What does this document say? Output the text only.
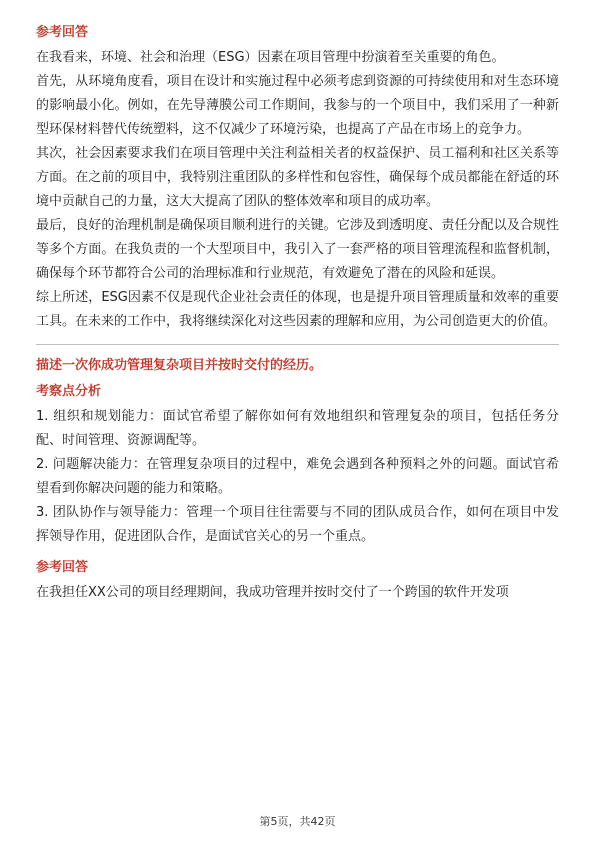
参考回答

在我看来，环境、社会和治理（ESG）因素在项目管理中扮演着至关重要的角色。

首先，从环境角度看，项目在设计和实施过程中必须考虑到资源的可持续使用和对生态环境的影响最小化。例如，在先导薄膜公司工作期间，我参与的一个项目中，我们采用了一种新型环保材料替代传统塑料，这不仅减少了环境污染，也提高了产品在市场上的竞争力。

其次，社会因素要求我们在项目管理中关注利益相关者的权益保护、员工福利和社区关系等方面。在之前的项目中，我特别注重团队的多样性和包容性，确保每个成员都能在舒适的环境中贡献自己的力量，这大大提高了团队的整体效率和项目的成功率。

最后，良好的治理机制是确保项目顺利进行的关键。它涉及到透明度、责任分配以及合规性等多个方面。在我负责的一个大型项目中，我引入了一套严格的项目管理流程和监督机制，确保每个环节都符合公司的治理标准和行业规范，有效避免了潜在的风险和延误。

综上所述，ESG因素不仅是现代企业社会责任的体现，也是提升项目管理质量和效率的重要工具。在未来的工作中，我将继续深化对这些因素的理解和应用，为公司创造更大的价值。

描述一次你成功管理复杂项目并按时交付的经历。
考察点分析

1. 组织和规划能力：面试官希望了解你如何有效地组织和管理复杂的项目，包括任务分配、时间管理、资源调配等。

2. 问题解决能力：在管理复杂项目的过程中，难免会遇到各种预料之外的问题。面试官希望看到你解决问题的能力和策略。

3. 团队协作与领导能力：管理一个项目往往需要与不同的团队成员合作，如何在项目中发挥领导作用，促进团队合作，是面试官关心的另一个重点。

参考回答

在我担任XX公司的项目经理期间，我成功管理并按时交付了一个跨国的软件开发项

第5页，共42页
